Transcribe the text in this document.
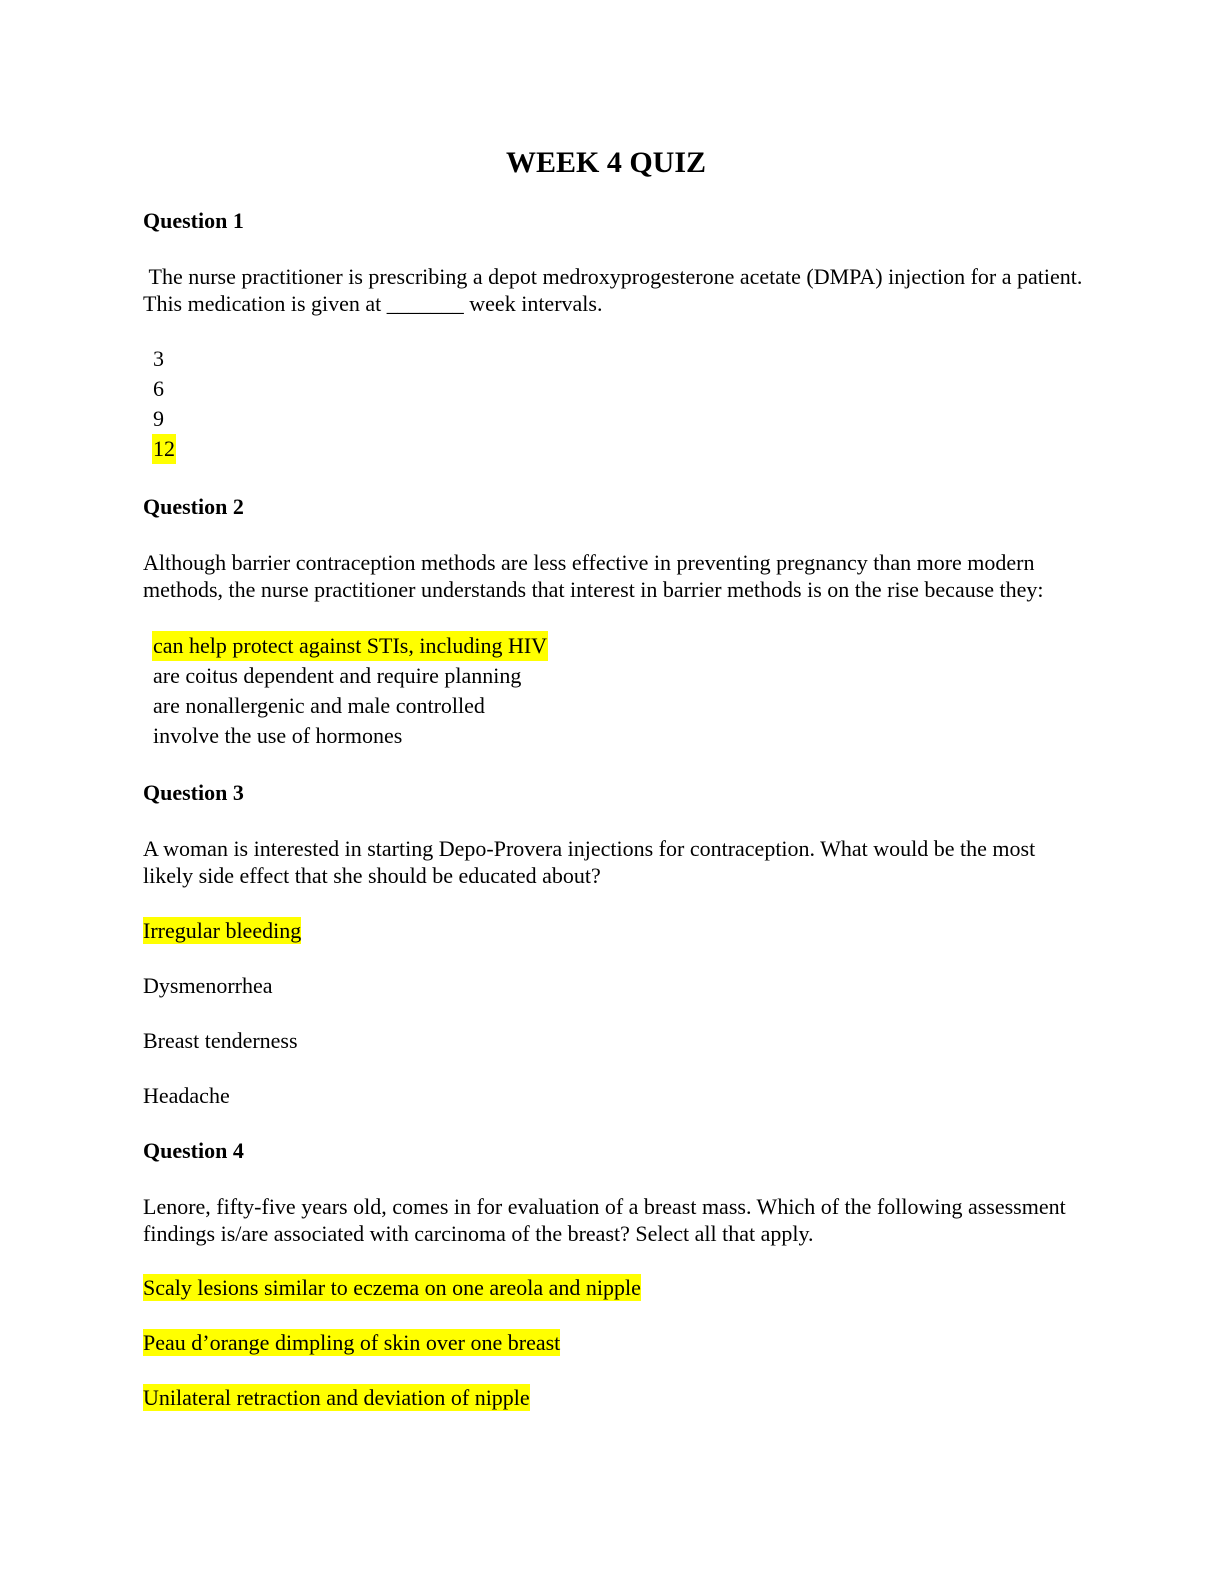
WEEK 4 QUIZ

Question 1

The nurse practitioner is prescribing a depot medroxyprogesterone acetate (DMPA) injection for a patient. This medication is given at _______ week intervals.

3
6
9
12

Question 2

Although barrier contraception methods are less effective in preventing pregnancy than more modern methods, the nurse practitioner understands that interest in barrier methods is on the rise because they:

can help protect against STIs, including HIV
are coitus dependent and require planning
are nonallergenic and male controlled
involve the use of hormones

Question 3

A woman is interested in starting Depo-Provera injections for contraception. What would be the most likely side effect that she should be educated about?

Irregular bleeding

Dysmenorrhea

Breast tenderness

Headache

Question 4

Lenore, fifty-five years old, comes in for evaluation of a breast mass. Which of the following assessment findings is/are associated with carcinoma of the breast? Select all that apply.

Scaly lesions similar to eczema on one areola and nipple

Peau d’orange dimpling of skin over one breast

Unilateral retraction and deviation of nipple
